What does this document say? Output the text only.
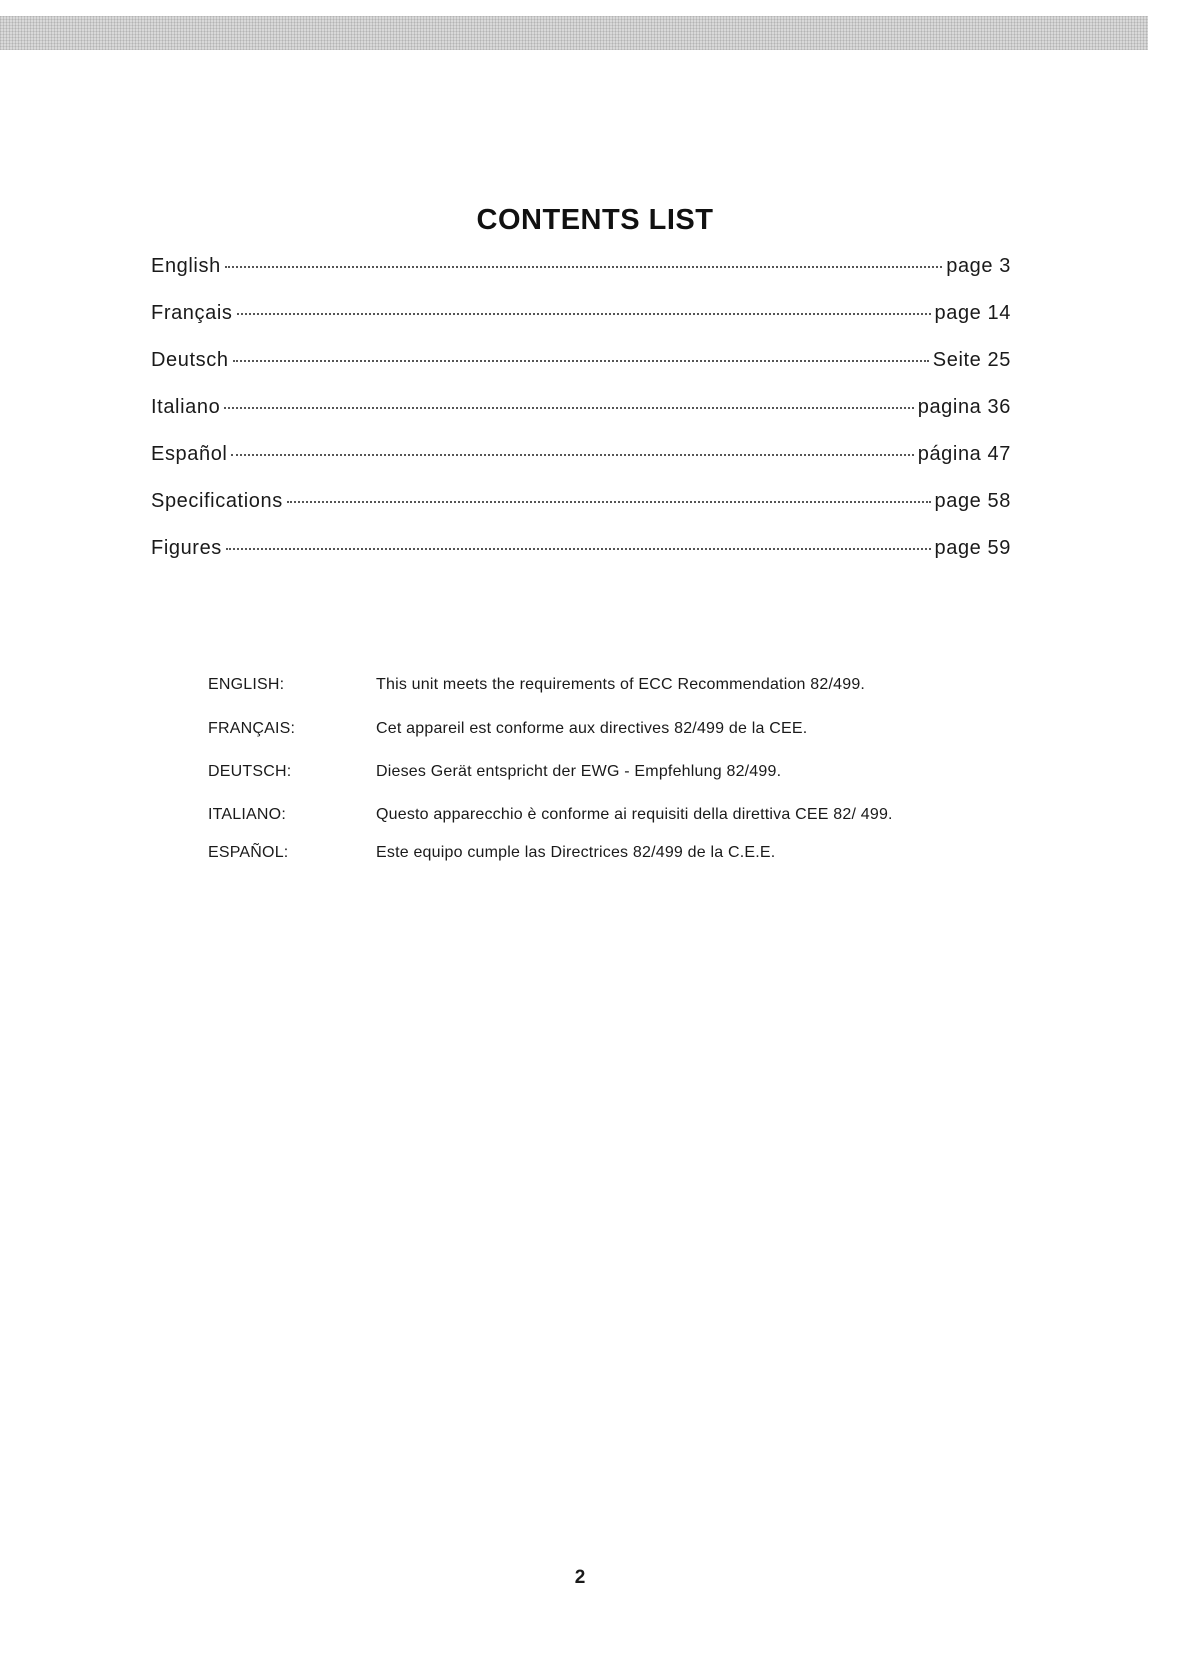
CONTENTS LIST
English	page 3
Français	page 14
Deutsch	Seite 25
Italiano	pagina 36
Español	página 47
Specifications	page 58
Figures	page 59
ENGLISH:	This unit meets the requirements of ECC Recommendation 82/499.
FRANÇAIS:	Cet appareil est conforme aux directives 82/499 de la CEE.
DEUTSCH:	Dieses Gerät entspricht der EWG - Empfehlung 82/499.
ITALIANO:	Questo apparecchio è conforme ai requisiti della direttiva CEE 82/ 499.
ESPAÑOL:	Este equipo cumple las Directrices 82/499 de la C.E.E.
2
